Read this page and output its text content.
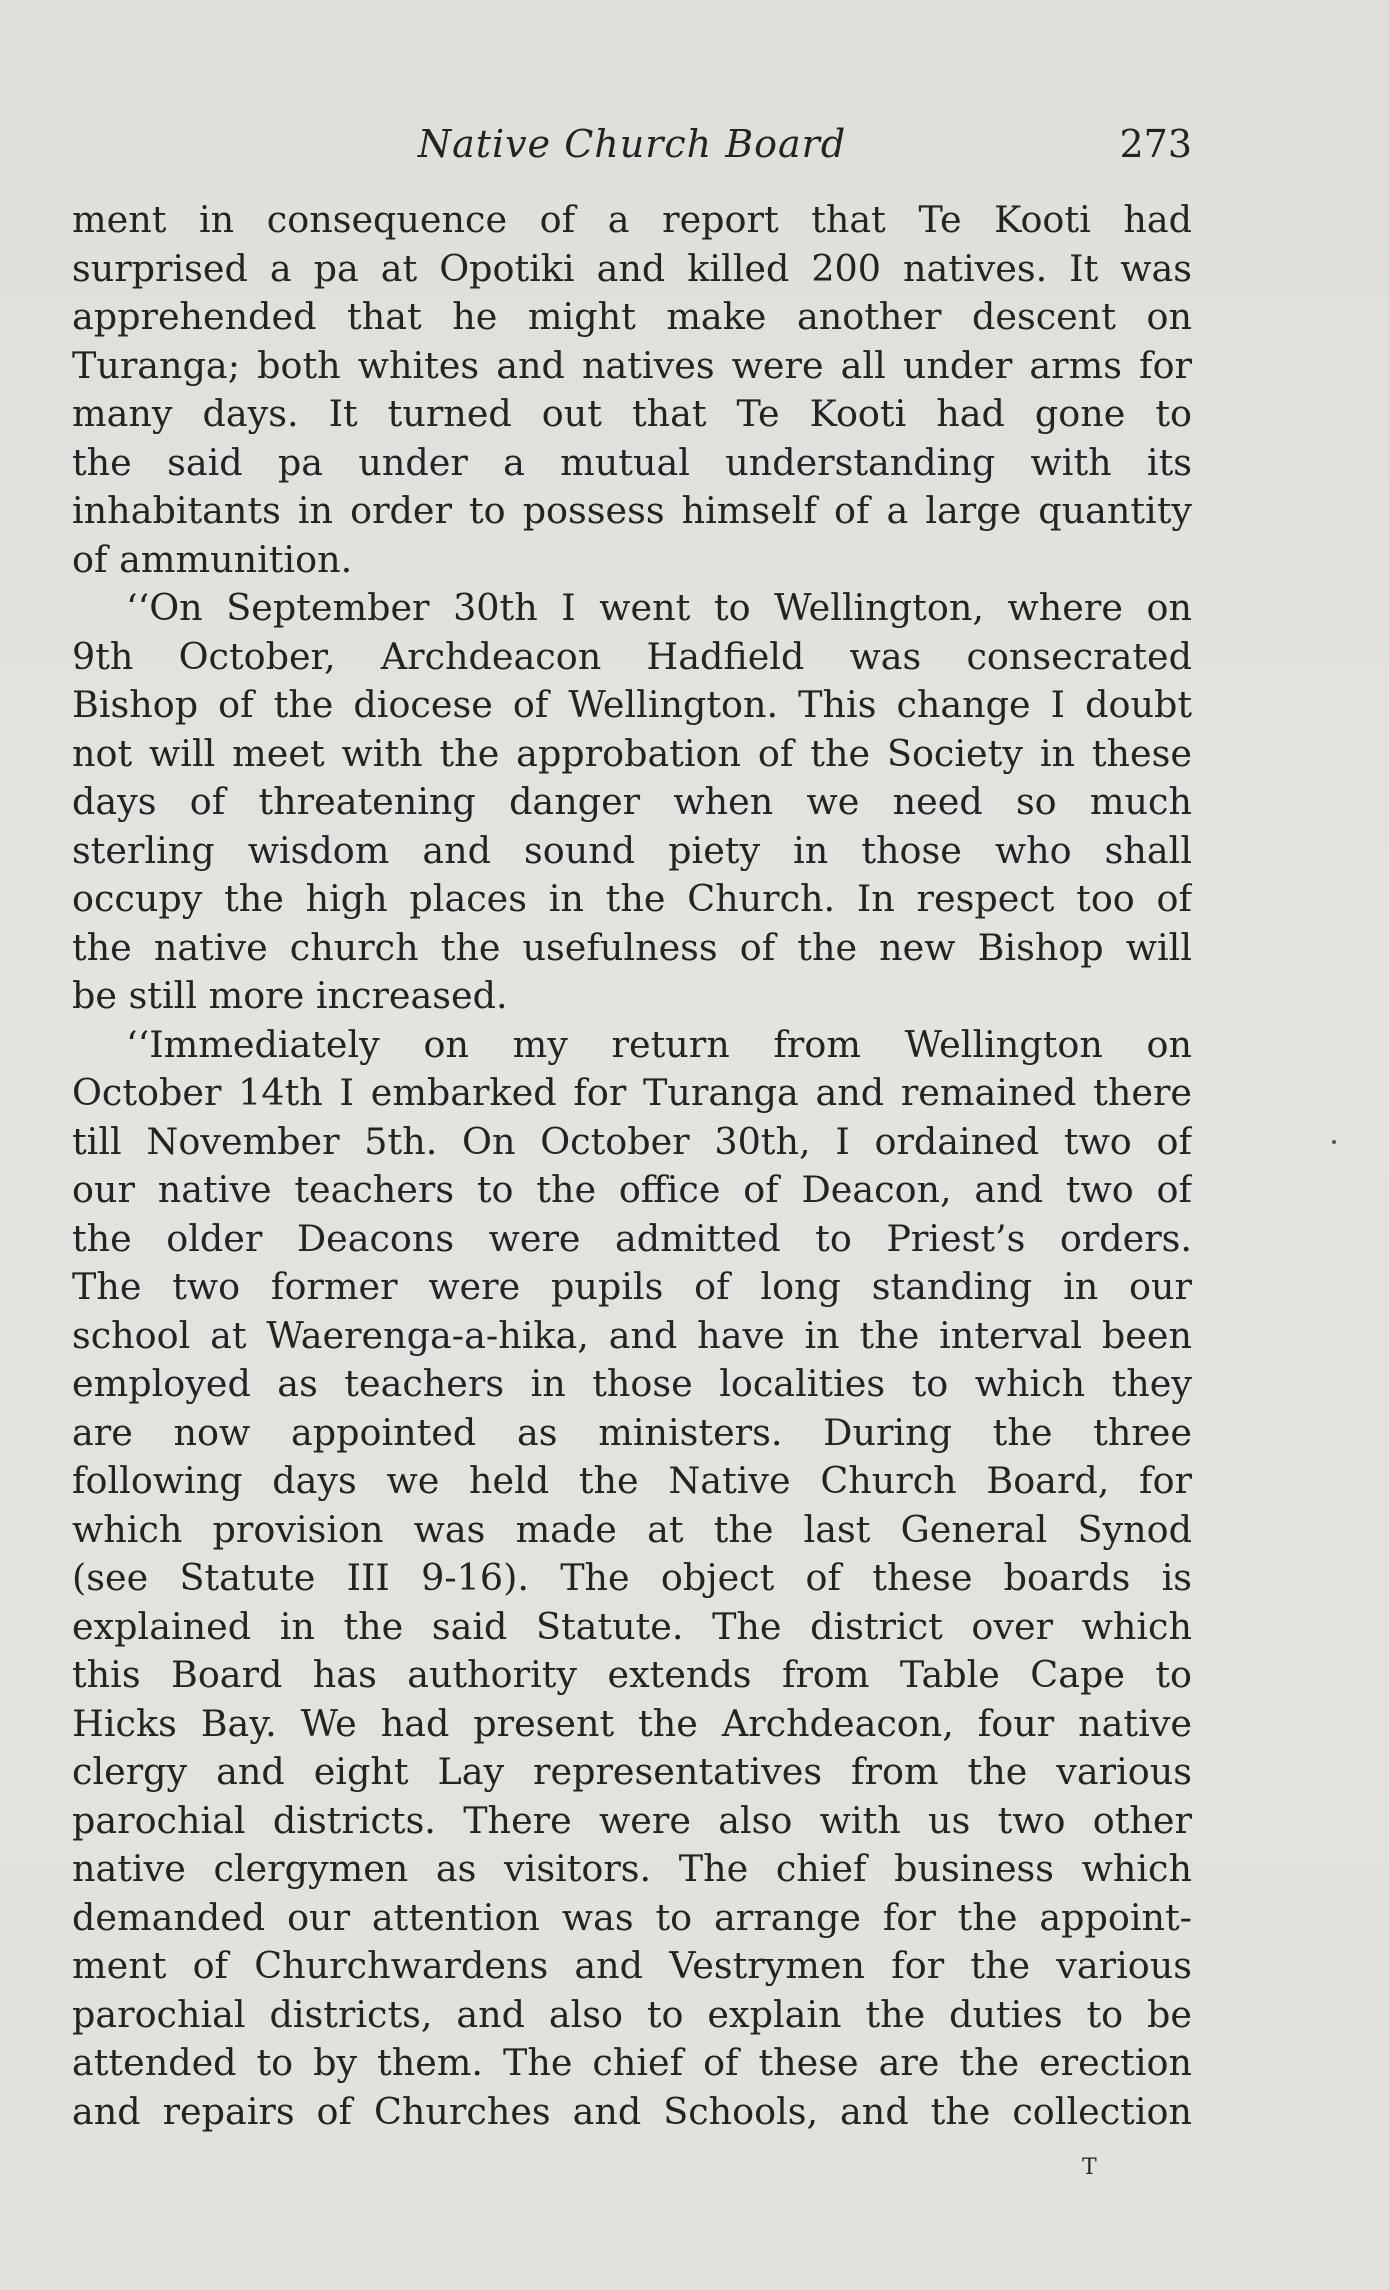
Native Church Board	273
ment in consequence of a report that Te Kooti had
surprised a pa at Opotiki and killed 200 natives. It was
apprehended that he might make another descent on
Turanga; both whites and natives were all under arms for
many days. It turned out that Te Kooti had gone to
the said pa under a mutual understanding with its
inhabitants in order to possess himself of a large quantity
of ammunition.
‘‘On September 30th I went to Wellington, where on
9th October, Archdeacon Hadfield was consecrated
Bishop of the diocese of Wellington. This change I doubt
not will meet with the approbation of the Society in these
days of threatening danger when we need so much
sterling wisdom and sound piety in those who shall
occupy the high places in the Church. In respect too of
the native church the usefulness of the new Bishop will
be still more increased.
‘‘Immediately on my return from Wellington on
October 14th I embarked for Turanga and remained there
till November 5th. On October 30th, I ordained two of
our native teachers to the office of Deacon, and two of
the older Deacons were admitted to Priest’s orders.
The two former were pupils of long standing in our
school at Waerenga-a-hika, and have in the interval been
employed as teachers in those localities to which they
are now appointed as ministers. During the three
following days we held the Native Church Board, for
which provision was made at the last General Synod
(see Statute III 9-16). The object of these boards is
explained in the said Statute. The district over which
this Board has authority extends from Table Cape to
Hicks Bay. We had present the Archdeacon, four native
clergy and eight Lay representatives from the various
parochial districts. There were also with us two other
native clergymen as visitors. The chief business which
demanded our attention was to arrange for the appoint-
ment of Churchwardens and Vestrymen for the various
parochial districts, and also to explain the duties to be
attended to by them. The chief of these are the erection
and repairs of Churches and Schools, and the collection
T
